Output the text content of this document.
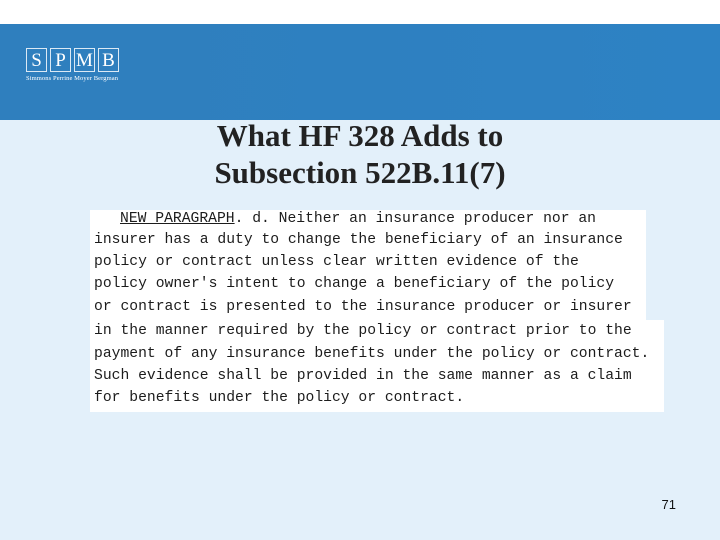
S P M B
Simmons Perrine Moyer Bergman
What HF 328 Adds to
Subsection 522B.11(7)
NEW PARAGRAPH. d. Neither an insurance producer nor an
insurer has a duty to change the beneficiary of an insurance
policy or contract unless clear written evidence of the
policy owner's intent to change a beneficiary of the policy
or contract is presented to the insurance producer or insurer
in the manner required by the policy or contract prior to the
payment of any insurance benefits under the policy or contract.
Such evidence shall be provided in the same manner as a claim
for benefits under the policy or contract.
71
